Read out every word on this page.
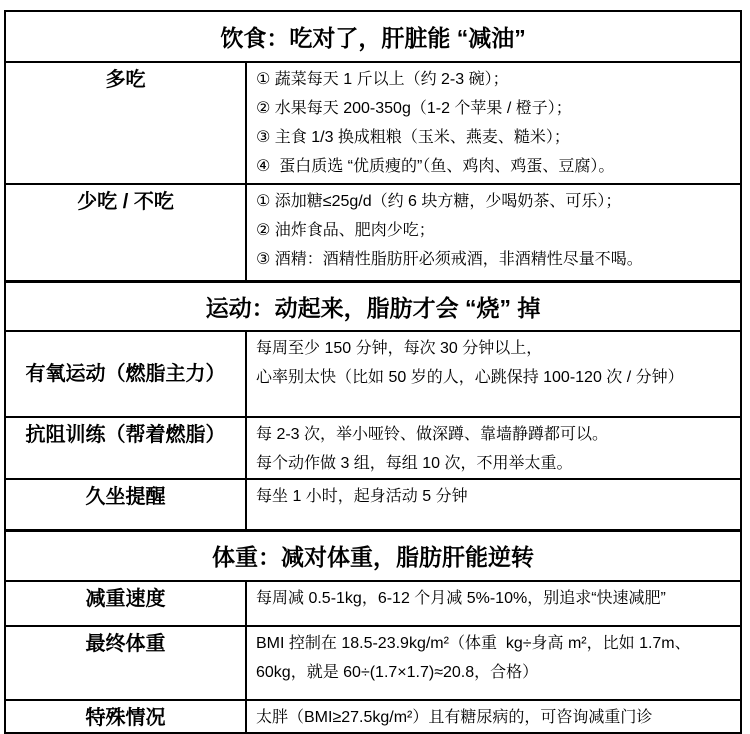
饮食：吃对了，肝脏能 “减油”	
多吃	① 蔬菜每天 1 斤以上（约 2-3 碗）；
② 水果每天 200-350g（1-2 个苹果 / 橙子）；
③ 主食 1/3 换成粗粮（玉米、燕麦、糙米）；
④  蛋白质选 “优质瘦的”（鱼、鸡肉、鸡蛋、豆腐）。

少吃 / 不吃	① 添加糖≤25g/d（约 6 块方糖，少喝奶茶、可乐）；
② 油炸食品、肥肉少吃；
③ 酒精：酒精性脂肪肝必须戒酒，非酒精性尽量不喝。

运动：动起来，脂肪才会 “烧” 掉	
有氧运动（燃脂主力）	每周至少 150 分钟，每次 30 分钟以上，
心率别太快（比如 50 岁的人，心跳保持 100-120 次 / 分钟）

抗阻训练（帮着燃脂）	每 2-3 次，举小哑铃、做深蹲、靠墙静蹲都可以。
每个动作做 3 组，每组 10 次，不用举太重。

久坐提醒	每坐 1 小时，起身活动 5 分钟

体重：减对体重，脂肪肝能逆转	
减重速度	每周减 0.5-1kg，6-12 个月减 5%-10%，别追求“快速减肥”

最终体重	BMI 控制在 18.5-23.9kg/m²（体重  kg÷身高 m²，比如 1.7m、60kg，就是 60÷(1.7×1.7)≈20.8，合格）

特殊情况	太胖（BMI≥27.5kg/m²）且有糖尿病的，可咨询减重门诊
